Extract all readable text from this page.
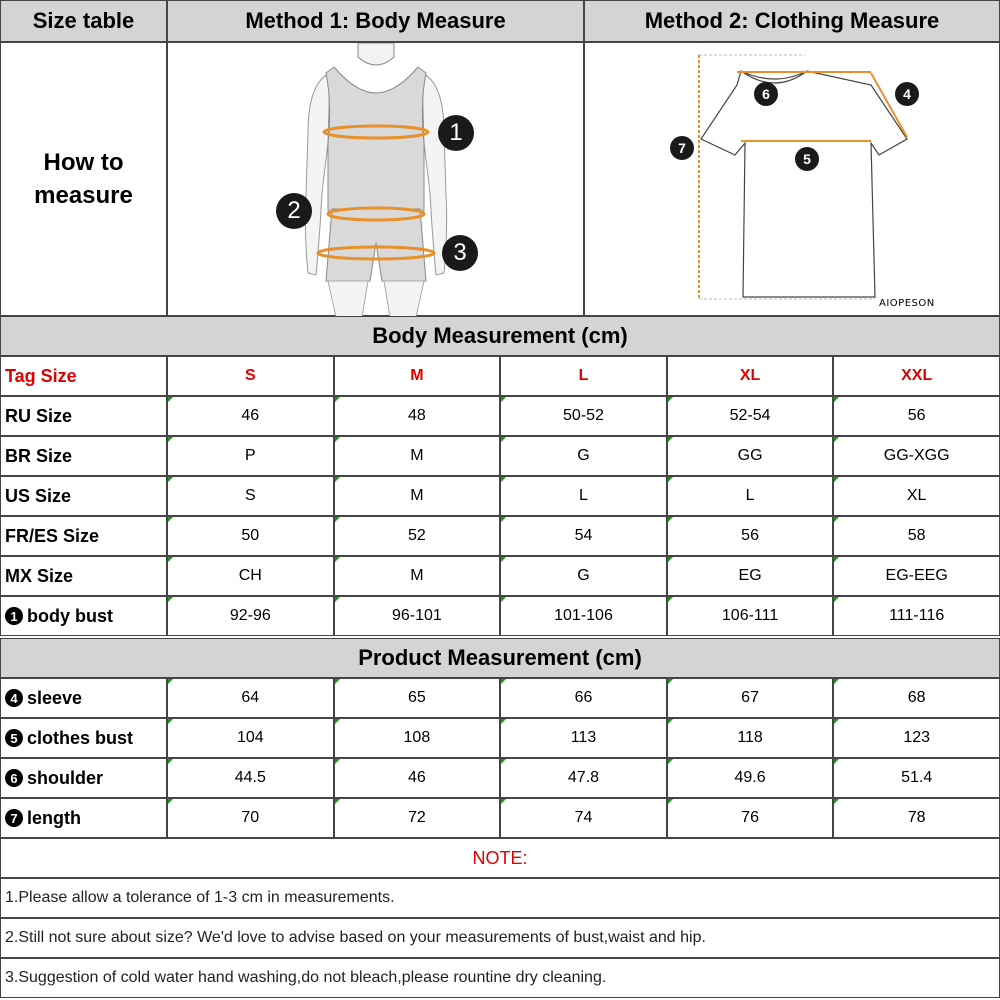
Size table	Method 1: Body Measure	Method 2: Clothing Measure
How to measure
1
2
3
6	4
7
5
AIOPESON
Body Measurement (cm)
Tag Size	S	M	L	XL	XXL
RU Size	46	48	50-52	52-54	56
BR Size	P	M	G	GG	GG-XGG
US Size	S	M	L	L	XL
FR/ES Size	50	52	54	56	58
MX Size	CH	M	G	EG	EG-EEG
1 body bust	92-96	96-101	101-106	106-111	111-116
Product Measurement (cm)
4 sleeve	64	65	66	67	68
5 clothes bust	104	108	113	118	123
6 shoulder	44.5	46	47.8	49.6	51.4
7 length	70	72	74	76	78
NOTE:
1.Please allow a tolerance of 1-3 cm in measurements.
2.Still not sure about size? We'd love to advise based on your measurements of bust,waist and hip.
3.Suggestion of cold water hand washing,do not bleach,please rountine dry cleaning.
